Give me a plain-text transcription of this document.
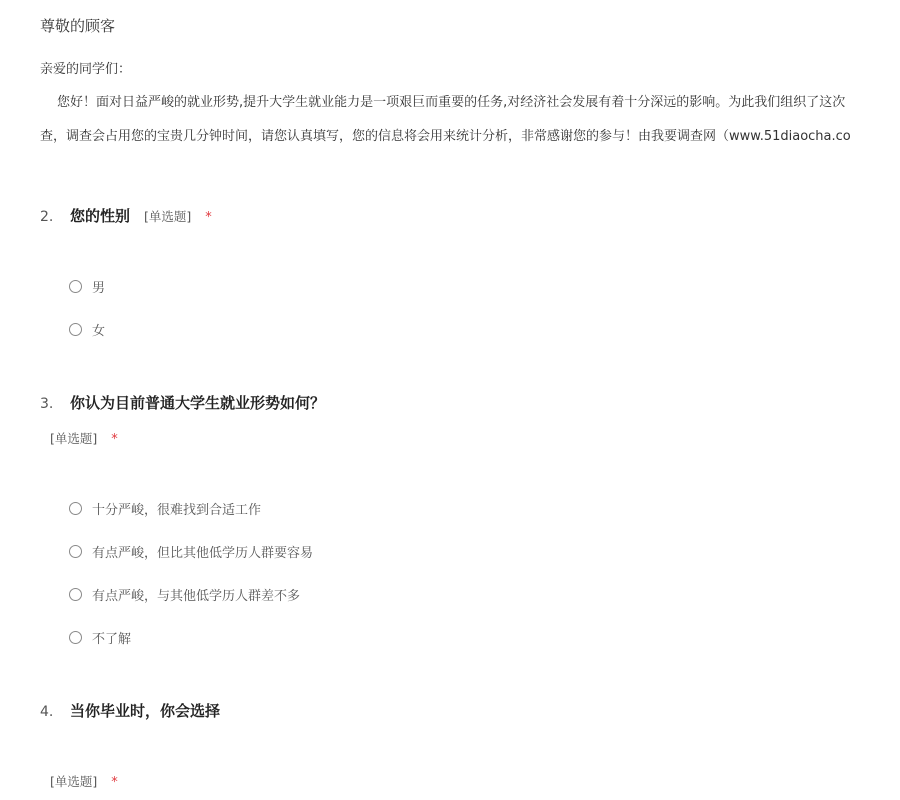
尊敬的顾客
亲爱的同学们：
您好！面对日益严峻的就业形势,提升大学生就业能力是一项艰巨而重要的任务,对经济社会发展有着十分深远的影响。为此我们组织了这次
查，调查会占用您的宝贵几分钟时间，请您认真填写，您的信息将会用来统计分析，非常感谢您的参与！由我要调查网（www.51diaocha.co
2.	您的性别 [单选题] *
男
女
3.	你认为目前普通大学生就业形势如何？
[单选题] *
十分严峻，很难找到合适工作
有点严峻，但比其他低学历人群要容易
有点严峻，与其他低学历人群差不多
不了解
4.	当你毕业时，你会选择
[单选题] *
